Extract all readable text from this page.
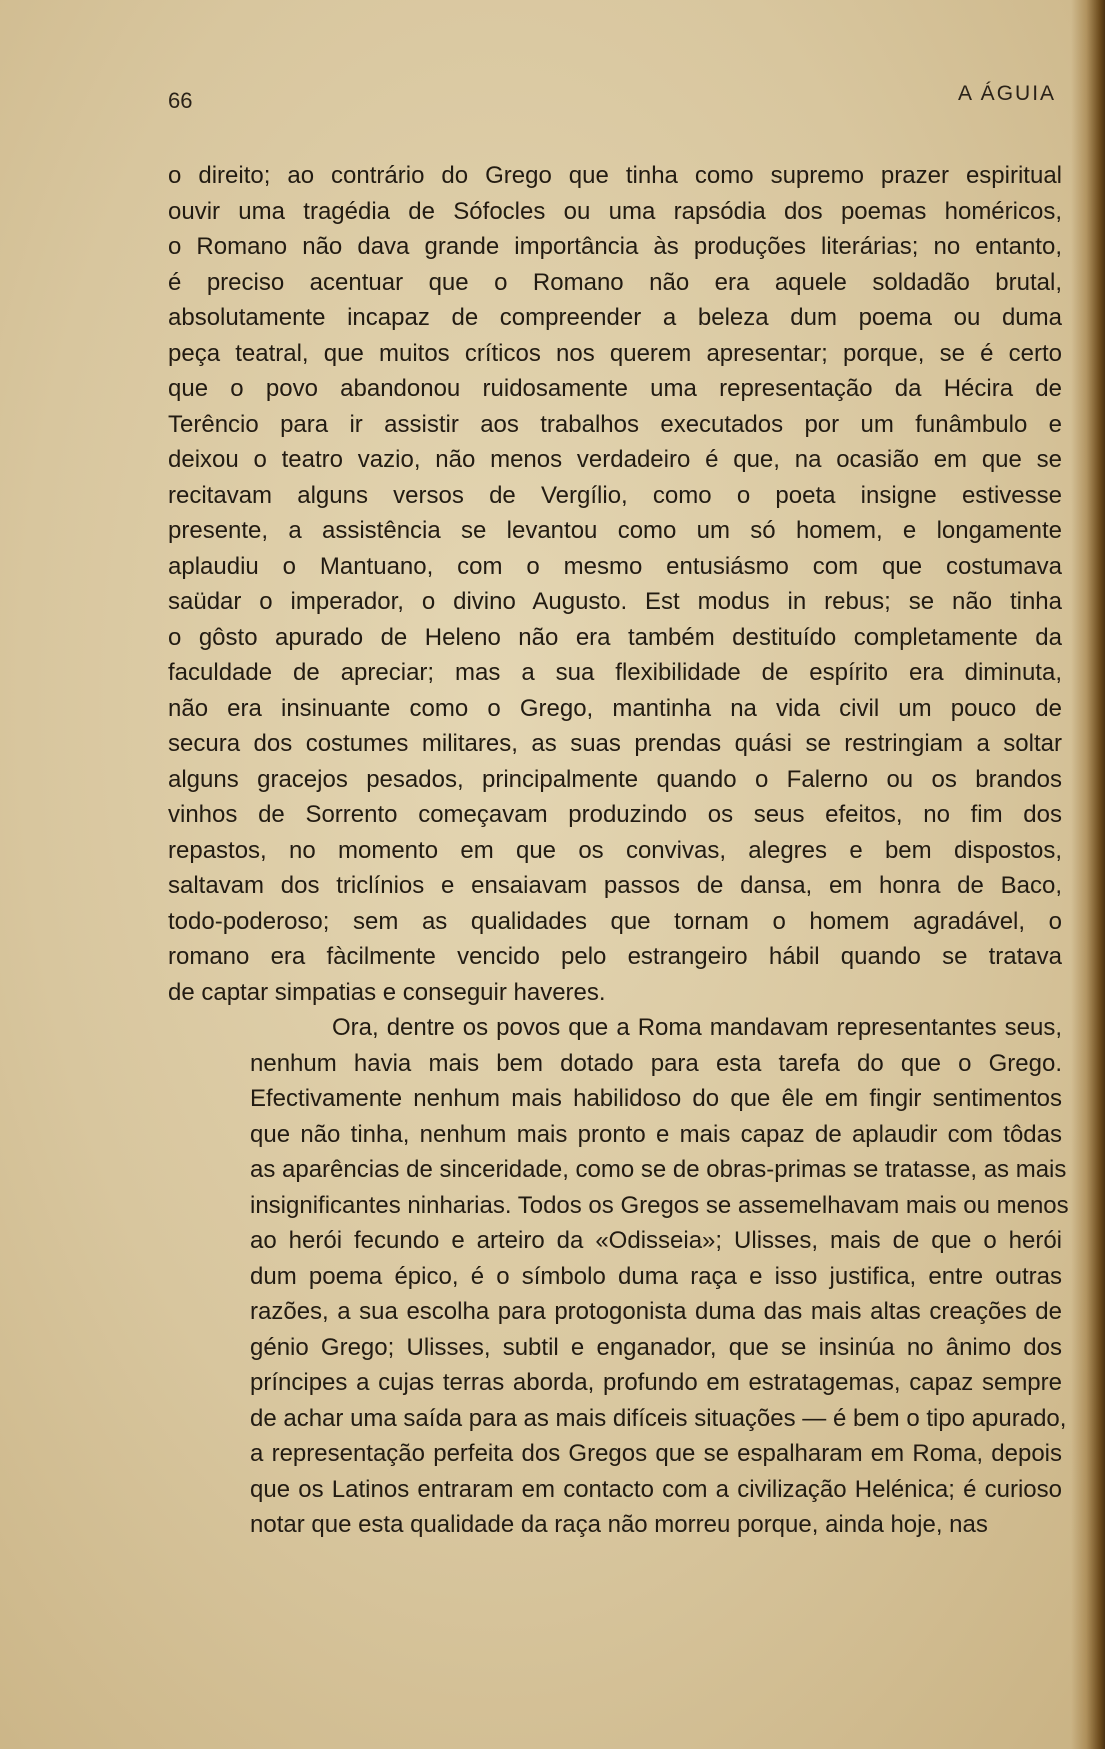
66	A ÁGUIA
o direito; ao contrário do Grego que tinha como supremo prazer espiritual
ouvir uma tragédia de Sófocles ou uma rapsódia dos poemas homéricos,
o Romano não dava grande importância às produções literárias; no entanto,
é preciso acentuar que o Romano não era aquele soldadão brutal,
absolutamente incapaz de compreender a beleza dum poema ou duma
peça teatral, que muitos críticos nos querem apresentar; porque, se é certo
que o povo abandonou ruidosamente uma representação da Hécira de
Terêncio para ir assistir aos trabalhos executados por um funâmbulo e
deixou o teatro vazio, não menos verdadeiro é que, na ocasião em que se
recitavam alguns versos de Vergílio, como o poeta insigne estivesse
presente, a assistência se levantou como um só homem, e longamente
aplaudiu o Mantuano, com o mesmo entusiásmo com que costumava
saüdar o imperador, o divino Augusto. Est modus in rebus; se não tinha
o gôsto apurado de Heleno não era também destituído completamente da
faculdade de apreciar; mas a sua flexibilidade de espírito era diminuta,
não era insinuante como o Grego, mantinha na vida civil um pouco de
secura dos costumes militares, as suas prendas quási se restringiam a soltar
alguns gracejos pesados, principalmente quando o Falerno ou os brandos
vinhos de Sorrento começavam produzindo os seus efeitos, no fim dos
repastos, no momento em que os convivas, alegres e bem dispostos,
saltavam dos triclínios e ensaiavam passos de dansa, em honra de Baco,
todo-poderoso; sem as qualidades que tornam o homem agradável, o
romano era fàcilmente vencido pelo estrangeiro hábil quando se tratava
de captar simpatias e conseguir haveres.
Ora, dentre os povos que a Roma mandavam representantes seus,
nenhum havia mais bem dotado para esta tarefa do que o Grego.
Efectivamente nenhum mais habilidoso do que êle em fingir sentimentos
que não tinha, nenhum mais pronto e mais capaz de aplaudir com tôdas
as aparências de sinceridade, como se de obras-primas se tratasse, as mais
insignificantes ninharias. Todos os Gregos se assemelhavam mais ou menos
ao herói fecundo e arteiro da «Odisseia»; Ulisses, mais de que o herói
dum poema épico, é o símbolo duma raça e isso justifica, entre outras
razões, a sua escolha para protogonista duma das mais altas creações de
génio Grego; Ulisses, subtil e enganador, que se insinúa no ânimo dos
príncipes a cujas terras aborda, profundo em estratagemas, capaz sempre
de achar uma saída para as mais difíceis situações — é bem o tipo apurado,
a representação perfeita dos Gregos que se espalharam em Roma, depois
que os Latinos entraram em contacto com a civilização Helénica; é curioso
notar que esta qualidade da raça não morreu porque, ainda hoje, nas
